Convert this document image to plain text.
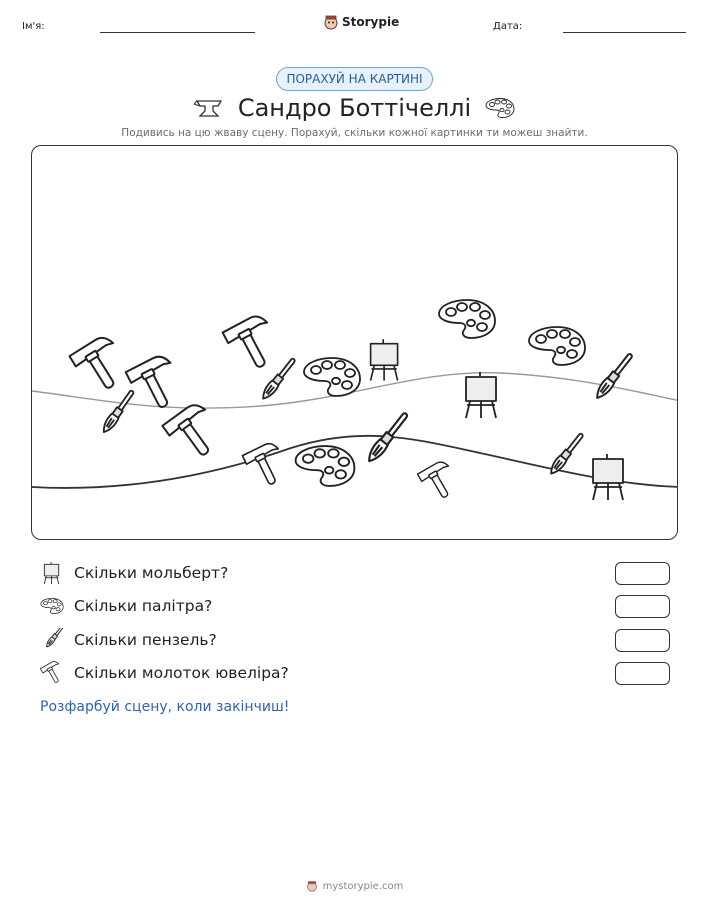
Ім'я:	Storypie	Дата:
ПОРАХУЙ НА КАРТИНІ
Сандро Боттічеллі
Подивись на цю жваву сцену. Порахуй, скільки кожної картинки ти можеш знайти.
Скільки мольберт?
Скільки палітра?
Скільки пензель?
Скільки молоток ювеліра?
Розфарбуй сцену, коли закінчиш!
mystorypie.com
